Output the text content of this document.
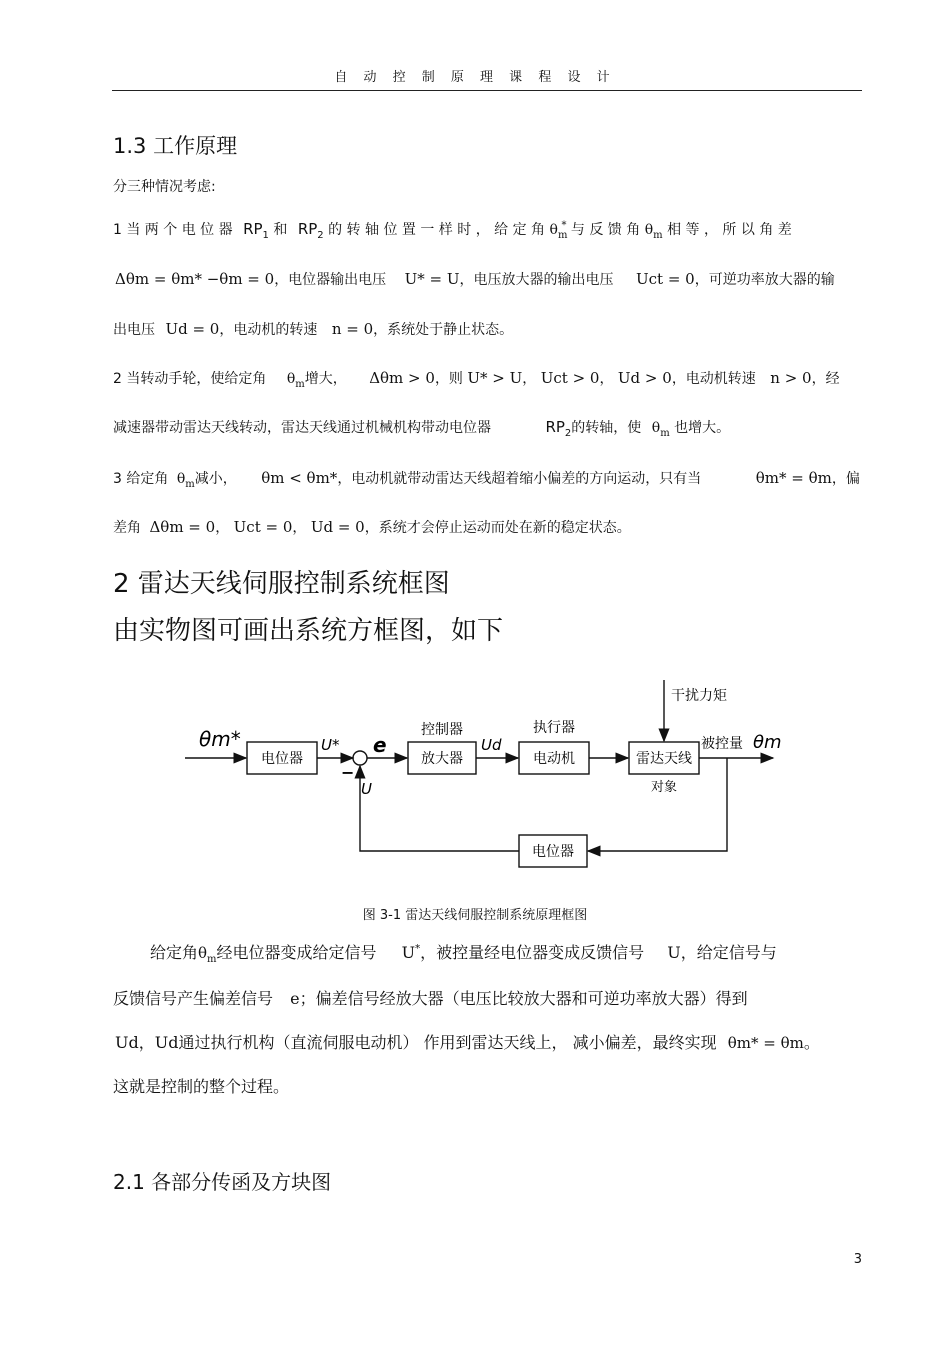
自 动 控 制 原 理 课 程 设 计
1.3 工作原理
分三种情况考虑:
1 当 两 个 电 位 器 $RP_1$ 和 $RP_2$ 的 转 轴 位 置 一 样 时 ， 给 定 角 $\theta_m^*$ 与 反 馈 角 $\theta_m$ 相 等 ， 所 以 角 差
Δθm = θm* −θm = 0，电位器输出电压 U* = U，电压放大器的输出电压 Uct = 0，可逆功率放大器的输
出电压 Ud = 0，电动机的转速 n = 0，系统处于静止状态。
2 当转动手轮，使给定角 $\theta_m$增大， Δθm > 0，则 U* > U， Uct > 0， Ud > 0，电动机转速 n > 0，经
减速器带动雷达天线转动，雷达天线通过机械机构带动电位器	$RP_2$的转轴，使 $\theta_m$ 也增大。
3 给定角 $\theta_m$减小， θm < θm*，电动机就带动雷达天线超着缩小偏差的方向运动，只有当	θm* = θm，偏
差角 Δθm = 0， Uct = 0， Ud = 0，系统才会停止运动而处在新的稳定状态。
2 雷达天线伺服控制系统框图
由实物图可画出系统方框图，如下
θm*
电位器
U* e
−
U
控制器
放大器
Ud
执行器
电动机	雷达天线
对象
干扰力矩
被控量 θm
电位器
图 3-1 雷达天线伺服控制系统原理框图
给定角$\theta_m$经电位器变成给定信号 U*，被控量经电位器变成反馈信号 U，给定信号与
反馈信号产生偏差信号 e；偏差信号经放大器（电压比较放大器和可逆功率放大器）得到
Ud，Ud通过执行机构（直流伺服电动机） 作用到雷达天线上， 减小偏差，最终实现 θm* = θm。
这就是控制的整个过程。
2.1 各部分传函及方块图
3
